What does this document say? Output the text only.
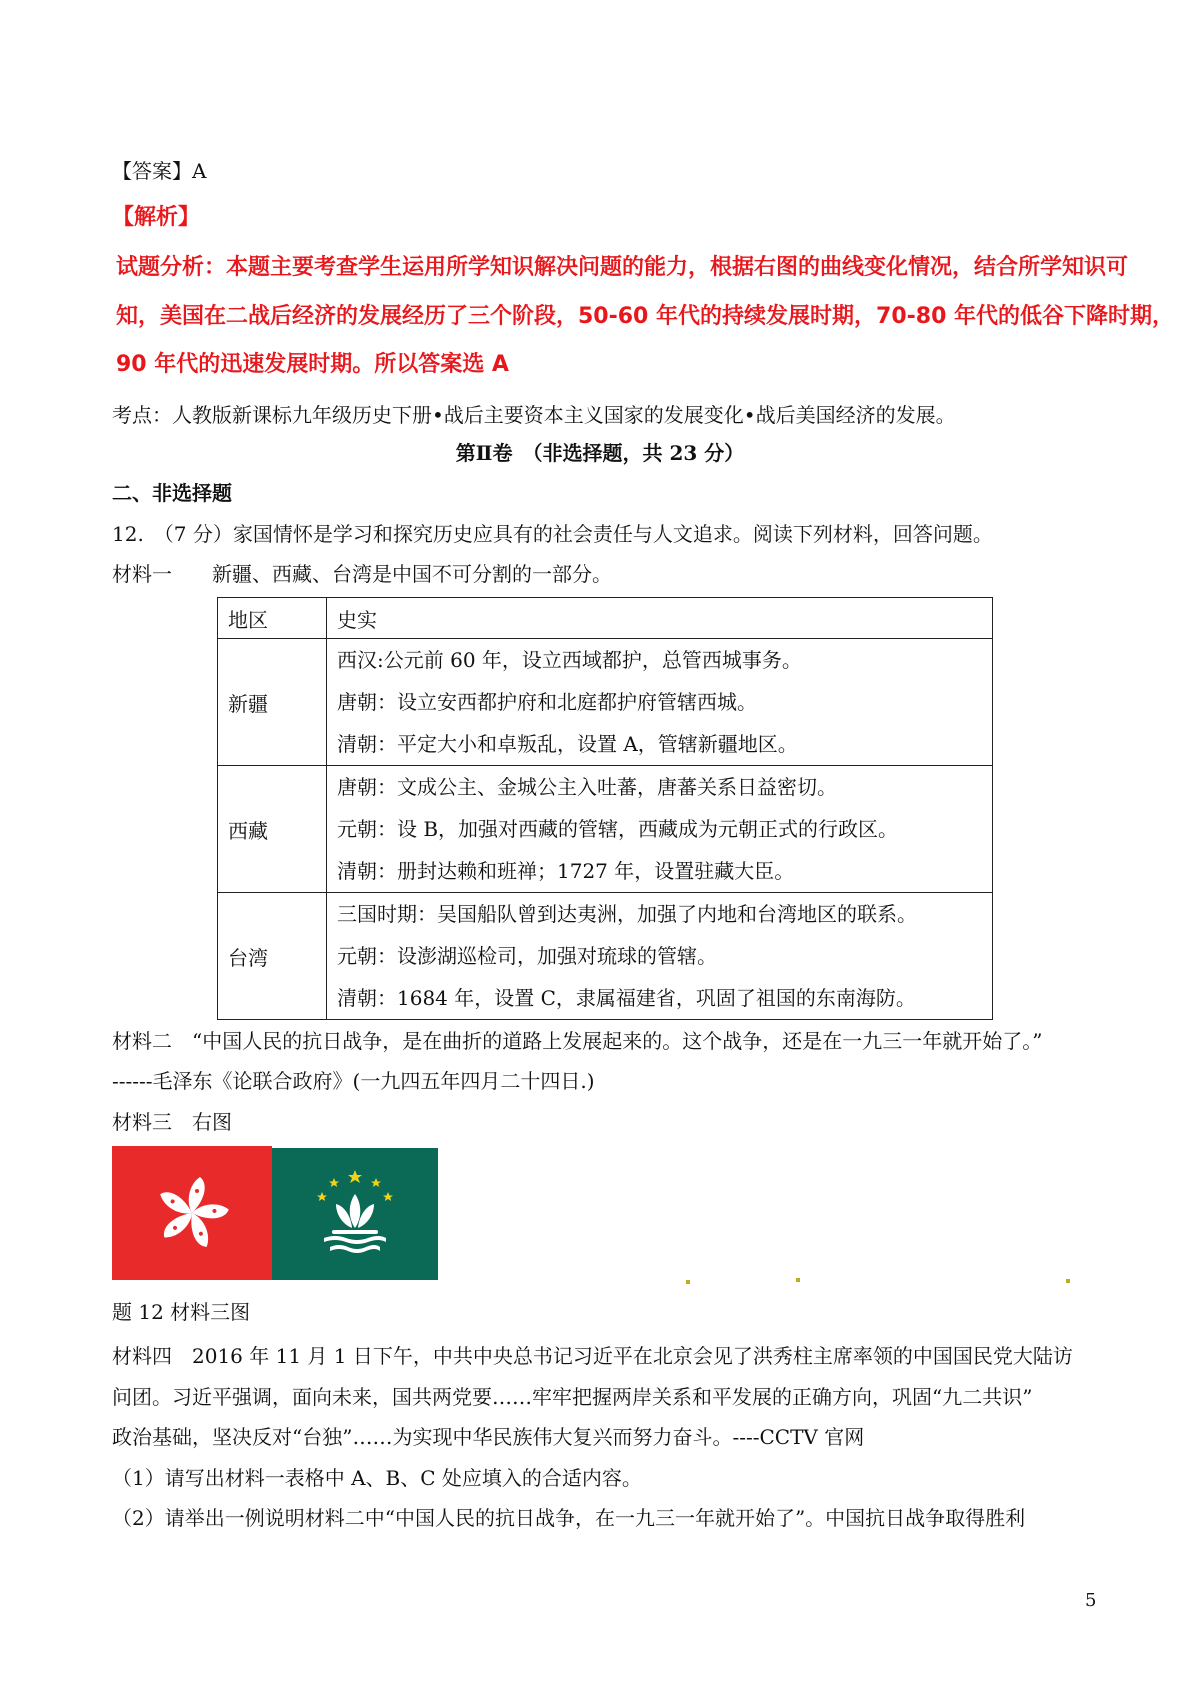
【答案】A
【解析】
试题分析：本题主要考查学生运用所学知识解决问题的能力，根据右图的曲线变化情况，结合所学知识可
知，美国在二战后经济的发展经历了三个阶段，50-60 年代的持续发展时期，70-80 年代的低谷下降时期，
90 年代的迅速发展时期。所以答案选 A
考点：人教版新课标九年级历史下册•战后主要资本主义国家的发展变化•战后美国经济的发展。
第Ⅱ卷　（非选择题，共 23 分）
二、非选择题
12.　（7 分）家国情怀是学习和探究历史应具有的社会责任与人文追求。阅读下列材料，回答问题。
材料一　　新疆、西藏、台湾是中国不可分割的一部分。
地区	史实
新疆	西汉:公元前 60 年，设立西域都护，总管西城事务。
唐朝：设立安西都护府和北庭都护府管辖西城。
清朝：平定大小和卓叛乱，设置 A，管辖新疆地区。

西藏	唐朝：文成公主、金城公主入吐蕃，唐蕃关系日益密切。
元朝：设 B，加强对西藏的管辖，西藏成为元朝正式的行政区。
清朝：册封达赖和班禅；1727 年，设置驻藏大臣。

台湾	三国时期：吴国船队曾到达夷洲，加强了内地和台湾地区的联系。
元朝：设澎湖巡检司，加强对琉球的管辖。
清朝：1684 年，设置 C，隶属福建省，巩固了祖国的东南海防。
材料二　“中国人民的抗日战争，是在曲折的道路上发展起来的。这个战争，还是在一九三一年就开始了。”
------毛泽东《论联合政府》(一九四五年四月二十四日.)
材料三　右图
题 12 材料三图
材料四　2016 年 11 月 1 日下午，中共中央总书记习近平在北京会见了洪秀柱主席率领的中国国民党大陆访
问团。习近平强调，面向未来，国共两党要……牢牢把握两岸关系和平发展的正确方向，巩固“九二共识”
政治基础，坚决反对“台独”……为实现中华民族伟大复兴而努力奋斗。----CCTV 官网
（1）请写出材料一表格中 A、B、C 处应填入的合适内容。
（2）请举出一例说明材料二中“中国人民的抗日战争，在一九三一年就开始了”。中国抗日战争取得胜利
5
